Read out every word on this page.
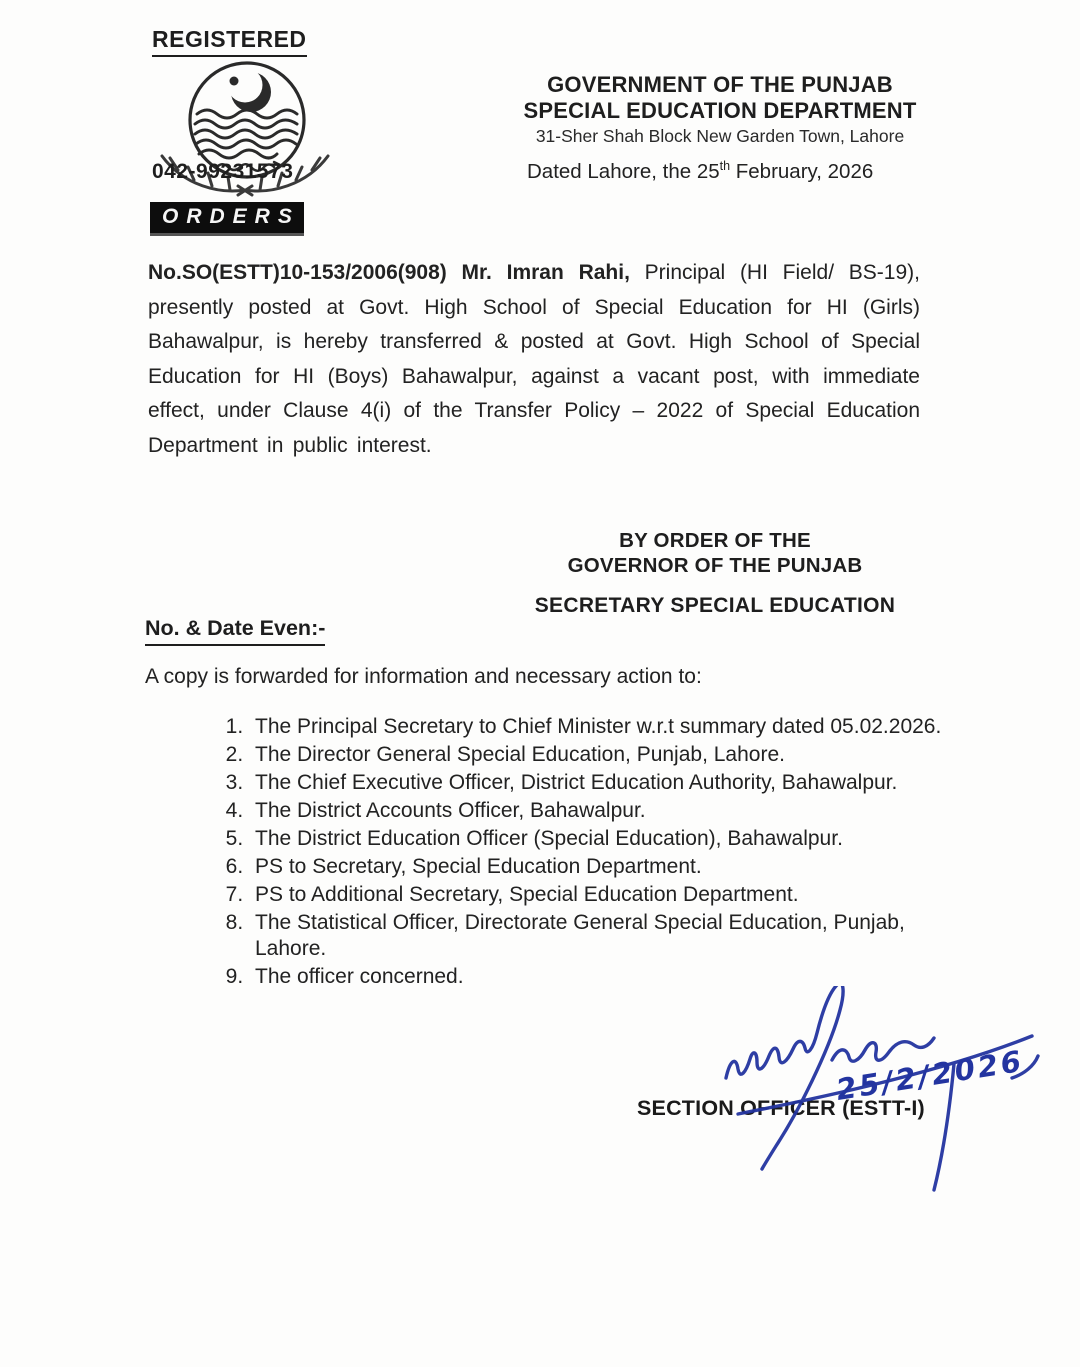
REGISTERED
042-99231573
ORDERS
GOVERNMENT OF THE PUNJAB
SPECIAL EDUCATION DEPARTMENT
31-Sher Shah Block New Garden Town, Lahore
Dated Lahore, the 25th February, 2026
No.SO(ESTT)10-153/2006(908) Mr. Imran Rahi, Principal (HI Field/ BS-19), presently posted at Govt. High School of Special Education for HI (Girls) Bahawalpur, is hereby transferred & posted at Govt. High School of Special Education for HI (Boys) Bahawalpur, against a vacant post, with immediate effect, under Clause 4(i) of the Transfer Policy – 2022 of Special Education Department in public interest.
BY ORDER OF THE
GOVERNOR OF THE PUNJAB
SECRETARY SPECIAL EDUCATION
No. & Date Even:-
A copy is forwarded for information and necessary action to:
1. The Principal Secretary to Chief Minister w.r.t summary dated 05.02.2026.
2. The Director General Special Education, Punjab, Lahore.
3. The Chief Executive Officer, District Education Authority, Bahawalpur.
4. The District Accounts Officer, Bahawalpur.
5. The District Education Officer (Special Education), Bahawalpur.
6. PS to Secretary, Special Education Department.
7. PS to Additional Secretary, Special Education Department.
8. The Statistical Officer, Directorate General Special Education, Punjab, Lahore.
9. The officer concerned.
SECTION OFFICER (ESTT-I)
25/2/2026
